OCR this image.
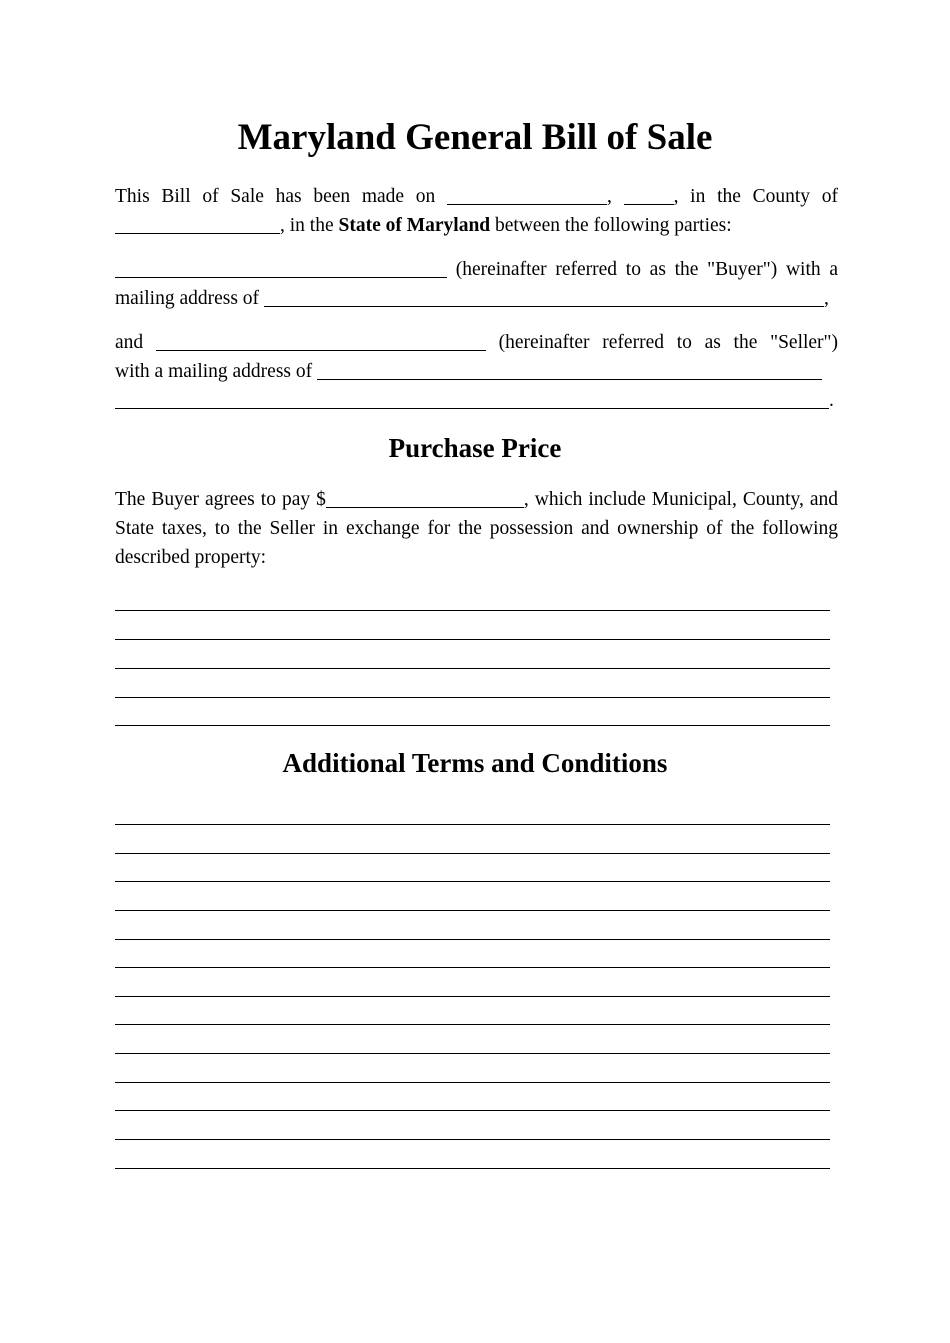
Maryland General Bill of Sale

This Bill of Sale has been made on	,	, in the County of
, in the State of Maryland between the following parties:

(hereinafter referred to as the "Buyer") with a
mailing address of	,

and	(hereinafter referred to as the "Seller")
with a mailing address of
.

Purchase Price

The Buyer agrees to pay $	, which include Municipal, County, and State taxes, to the Seller in exchange for the possession and ownership of the following described property:

Additional Terms and Conditions
